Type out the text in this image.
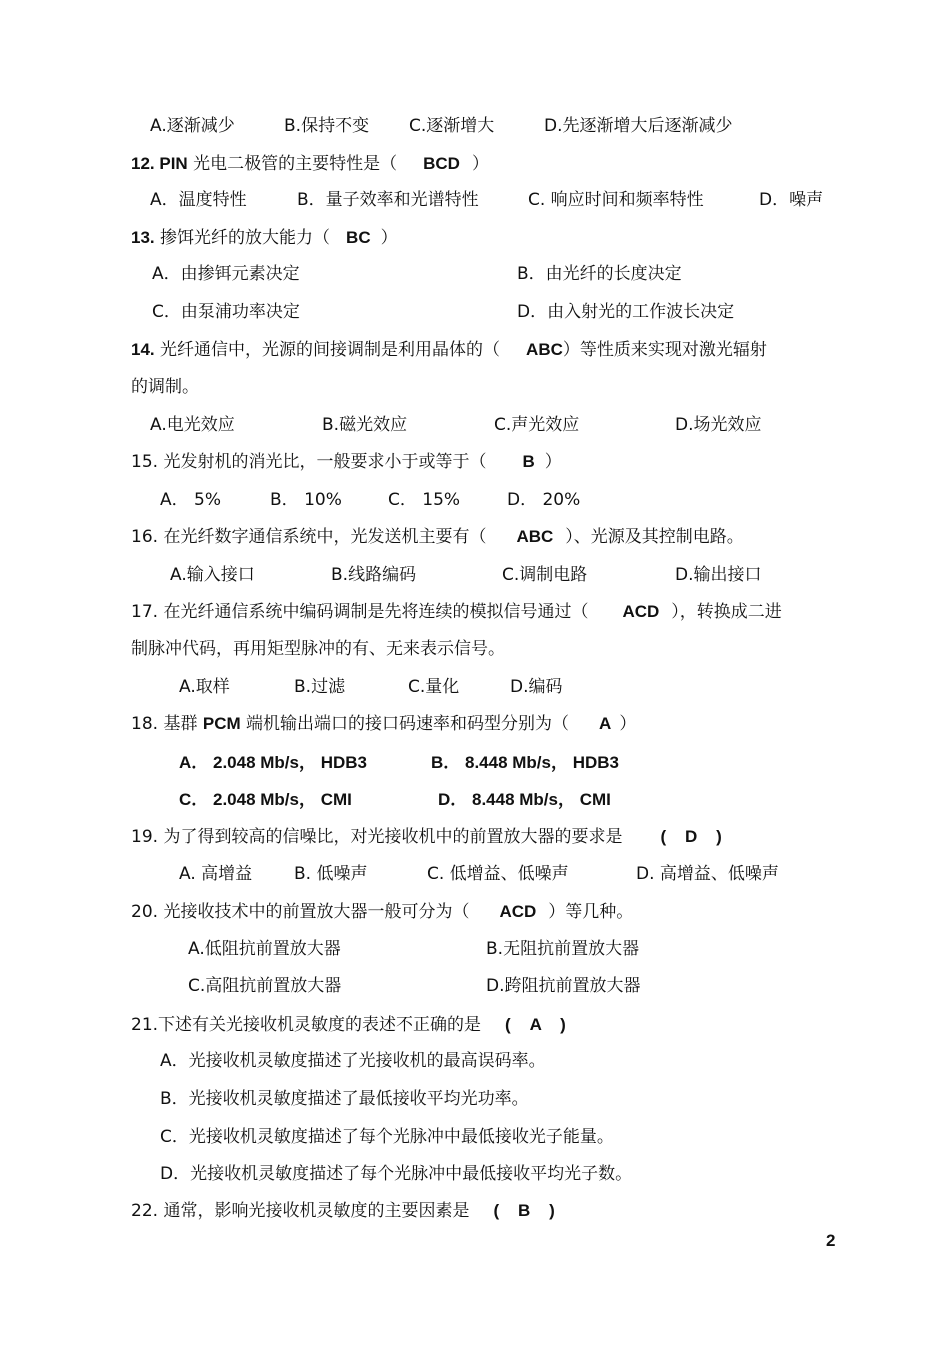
A.逐渐减少	B.保持不变 C.逐渐增大	D.先逐渐增大后逐渐减少
12. PIN 光电二极管的主要特性是（ BCD ）
A．温度特性	B．量子效率和光谱特性	C. 响应时间和频率特性	D．噪声
13. 掺饵光纤的放大能力（ BC ）
A．由掺铒元素决定	B．由光纤的长度决定
C．由泵浦功率决定	D．由入射光的工作波长决定
14. 光纤通信中，光源的间接调制是利用晶体的（ ABC）等性质来实现对激光辐射
的调制。
A.电光效应	B.磁光效应	C.声光效应	D.场光效应
15. 光发射机的消光比，一般要求小于或等于（ B ）
A． 5%	B． 10%	C． 15%	D． 20%
16. 在光纤数字通信系统中，光发送机主要有（ ABC ）、光源及其控制电路。
A.输入接口	B.线路编码	C.调制电路	D.输出接口
17. 在光纤通信系统中编码调制是先将连续的模拟信号通过（ ACD ），转换成二进
制脉冲代码，再用矩型脉冲的有、无来表示信号。
A.取样	B.过滤	C.量化	D.编码
18. 基群 PCM 端机输出端口的接口码速率和码型分别为（ A ）
A． 2.048 Mb/s， HDB3	B． 8.448 Mb/s， HDB3
C． 2.048 Mb/s， CMI	D． 8.448 Mb/s， CMI
19. 为了得到较高的信噪比，对光接收机中的前置放大器的要求是 (    D    )
A. 高增益 B. 低噪声	C. 低增益、低噪声	D. 高增益、低噪声
20. 光接收技术中的前置放大器一般可分为（ ACD ）等几种。
A.低阻抗前置放大器	B.无阻抗前置放大器
C.高阻抗前置放大器	D.跨阻抗前置放大器
21.下述有关光接收机灵敏度的表述不正确的是 (    A    )
A．光接收机灵敏度描述了光接收机的最高误码率。
B．光接收机灵敏度描述了最低接收平均光功率。
C．光接收机灵敏度描述了每个光脉冲中最低接收光子能量。
D．光接收机灵敏度描述了每个光脉冲中最低接收平均光子数。
22. 通常，影响光接收机灵敏度的主要因素是 (    B    )
2
